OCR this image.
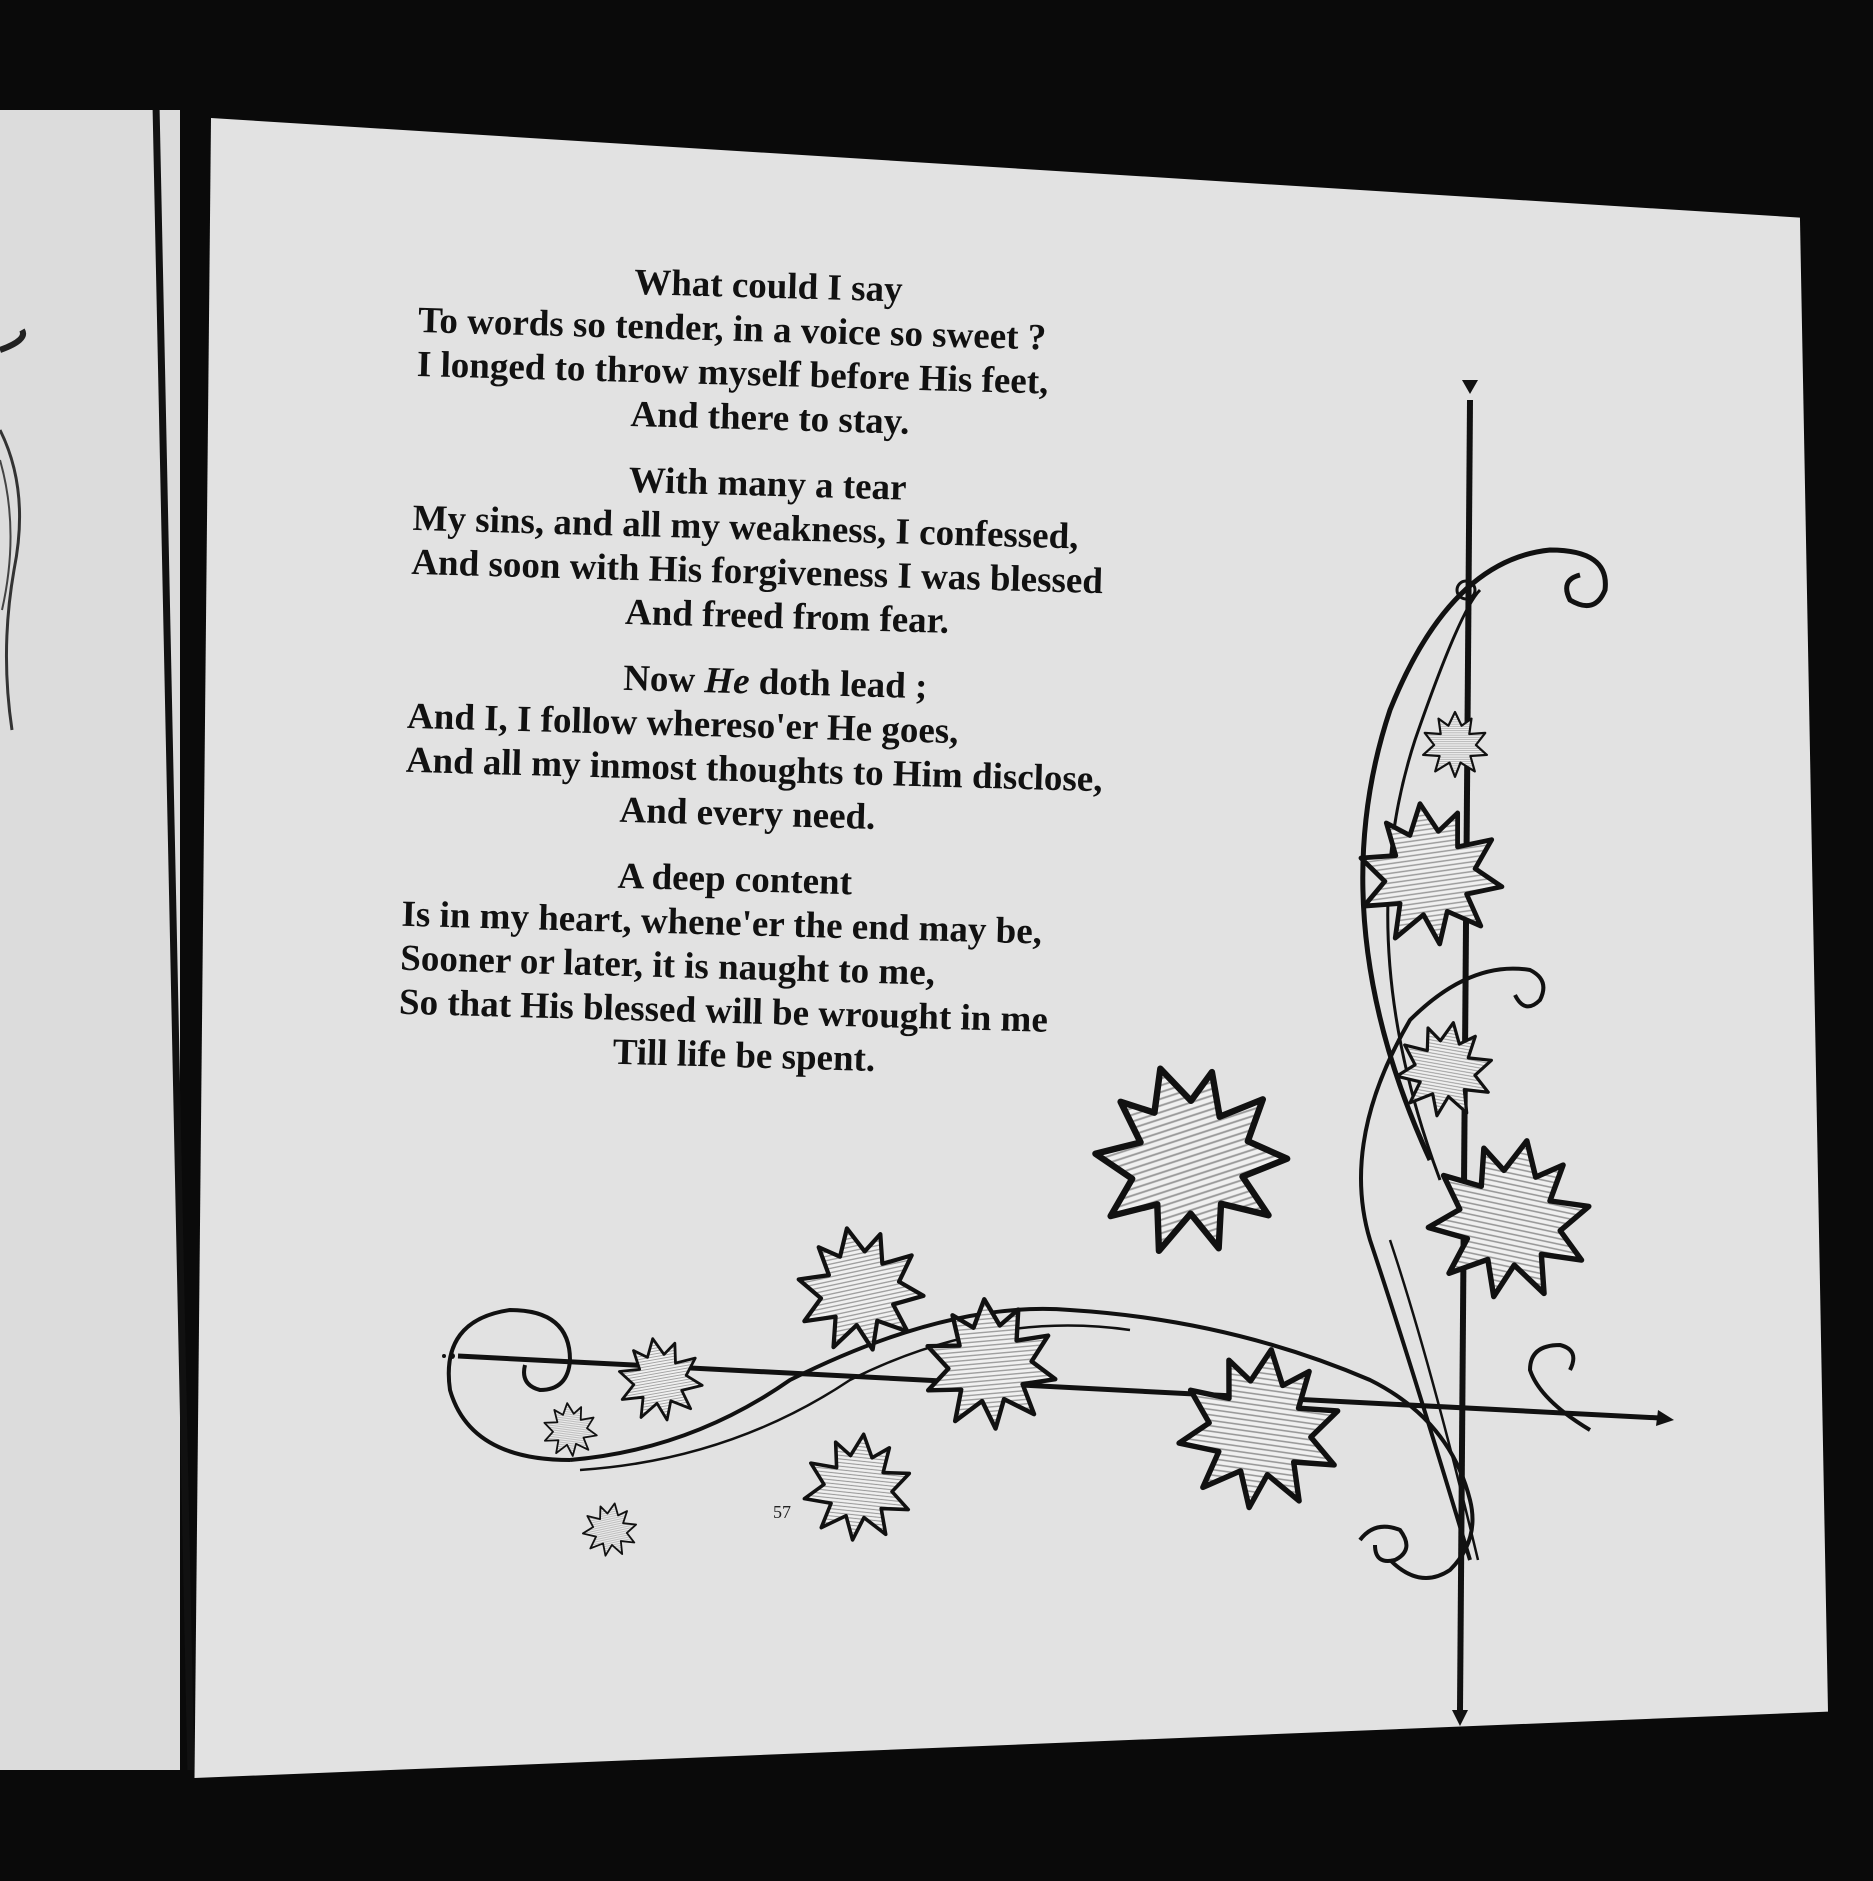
What could I say
To words so tender, in a voice so sweet ?
I longed to throw myself before His feet,
And there to stay.
With many a tear
My sins, and all my weakness, I confessed,
And soon with His forgiveness I was blessed
And freed from fear.
Now He doth lead ;
And I, I follow whereso'er He goes,
And all my inmost thoughts to Him disclose,
And every need.
A deep content
Is in my heart, whene'er the end may be,
Sooner or later, it is naught to me,
So that His blessed will be wrought in me
Till life be spent.
57
